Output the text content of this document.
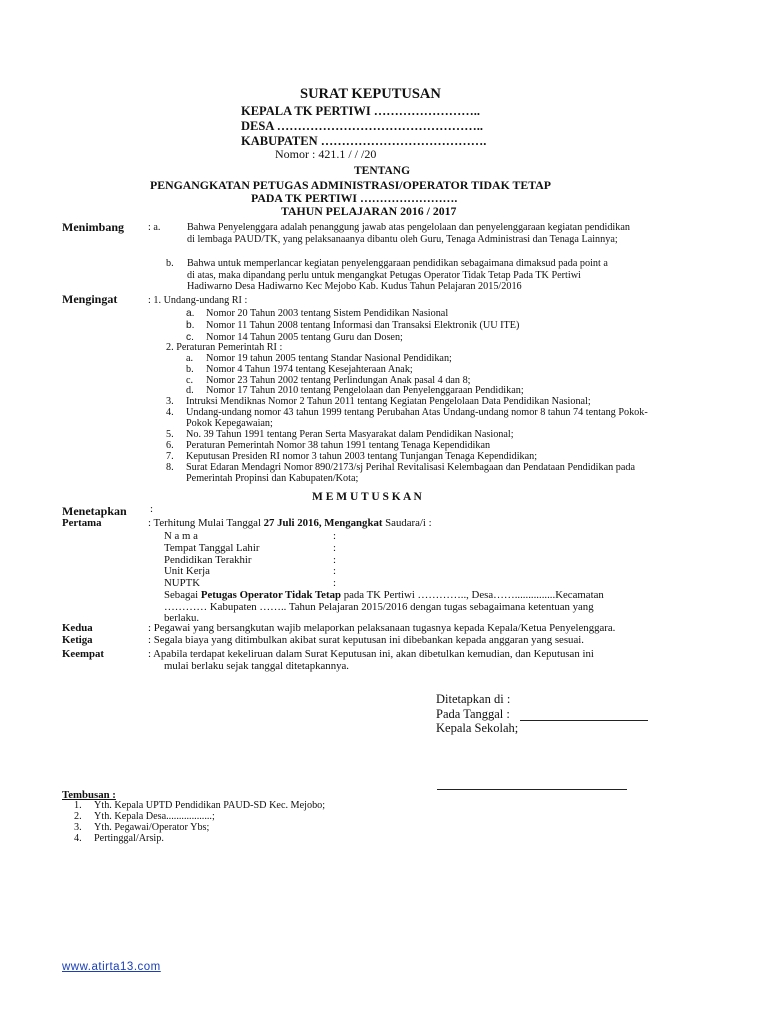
SURAT KEPUTUSAN
KEPALA TK PERTIWI ……………………..
DESA …………………………………………..
KABUPATEN ………………………………….
Nomor : 421.1 / / /20
TENTANG
PENGANGKATAN PETUGAS ADMINISTRASI/OPERATOR TIDAK TETAP
PADA TK PERTIWI …………………….
TAHUN PELAJARAN 2016 / 2017
Menimbang : a.	Bahwa Penyelenggara adalah penanggung jawab atas pengelolaan dan penyelenggaraan kegiatan pendidikan
di lembaga PAUD/TK, yang pelaksanaanya dibantu oleh Guru, Tenaga Administrasi dan Tenaga Lainnya;
b. Bahwa untuk memperlancar kegiatan penyelenggaraan pendidikan sebagaimana dimaksud pada point a
di atas, maka dipandang perlu untuk mengangkat Petugas Operator Tidak Tetap Pada TK Pertiwi
Hadiwarno Desa Hadiwarno Kec Mejobo Kab. Kudus Tahun Pelajaran 2015/2016
Mengingat	: 1. Undang-undang RI :
a. Nomor 20 Tahun 2003 tentang Sistem Pendidikan Nasional
b. Nomor 11 Tahun 2008 tentang Informasi dan Transaksi Elektronik (UU ITE)
c. Nomor 14 Tahun 2005 tentang Guru dan Dosen;
2. Peraturan Pemerintah RI :
a. Nomor 19 tahun 2005 tentang Standar Nasional Pendidikan;
b. Nomor 4 Tahun 1974 tentang Kesejahteraan Anak;
c. Nomor 23 Tahun 2002 tentang Perlindungan Anak pasal 4 dan 8;
d. Nomor 17 Tahun 2010 tentang Pengelolaan dan Penyelenggaraan Pendidikan;
3. Intruksi Mendiknas Nomor 2 Tahun 2011 tentang Kegiatan Pengelolaan Data Pendidikan Nasional;
4. Undang-undang nomor 43 tahun 1999 tentang Perubahan Atas Undang-undang nomor 8 tahun 74 tentang Pokok-
Pokok Kepegawaian;
5. No. 39 Tahun 1991 tentang Peran Serta Masyarakat dalam Pendidikan Nasional;
6. Peraturan Pemerintah Nomor 38 tahun 1991 tentang Tenaga Kependidikan
7. Keputusan Presiden RI nomor 3 tahun 2003 tentang Tunjangan Tenaga Kependidikan;
8. Surat Edaran Mendagri Nomor 890/2173/sj Perihal Revitalisasi Kelembagaan dan Pendataan Pendidikan pada
Pemerintah Propinsi dan Kabupaten/Kota;
M E M U T U S K A N
Menetapkan :
Pertama	: Terhitung Mulai Tanggal 27 Juli 2016, Mengangkat Saudara/i :
N a m a	:
Tempat Tanggal Lahir	:
Pendidikan Terakhir	:
Unit Kerja	:
NUPTK	:
Sebagai Petugas Operator Tidak Tetap pada TK Pertiwi ………….., Desa……...............Kecamatan
………… Kabupaten …….. Tahun Pelajaran 2015/2016 dengan tugas sebagaimana ketentuan yang
berlaku.
Kedua	: Pegawai yang bersangkutan wajib melaporkan pelaksanaan tugasnya kepada Kepala/Ketua Penyelenggara.
Ketiga	: Segala biaya yang ditimbulkan akibat surat keputusan ini dibebankan kepada anggaran yang sesuai.
Keempat	: Apabila terdapat kekeliruan dalam Surat Keputusan ini, akan dibetulkan kemudian, dan Keputusan ini
mulai berlaku sejak tanggal ditetapkannya.
Ditetapkan di :
Pada Tanggal :
Kepala Sekolah;
Tembusan :
1. Yth. Kepala UPTD Pendidikan PAUD-SD Kec. Mejobo;
2. Yth. Kepala Desa..................;
3. Yth. Pegawai/Operator Ybs;
4. Pertinggal/Arsip.
www.atirta13.com
